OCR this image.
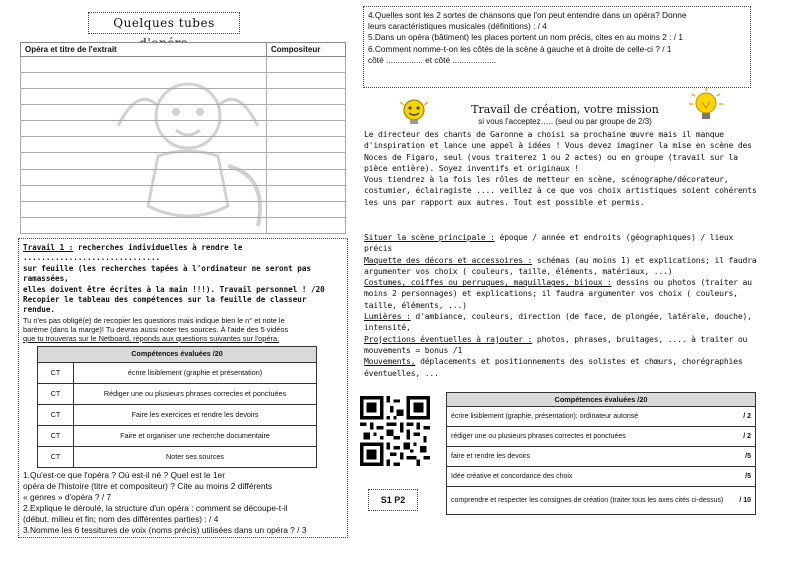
Quelques tubes
Opéra et titre de l'extrait	Compositeur

Travail 1 : recherches individuelles à rendre le ..............................
sur feuille (les recherches tapées à l'ordinateur ne seront pas ramassées,
elles doivent être écrites à la main !!!). Travail personnel ! /20
Recopier le tableau des compétences sur la feuille de classeur rendue.
Tu n'es pas obligé(e) de recopier les questions mais indique bien le n° et note le
barème (dans la marge)! Tu devras aussi noter tes sources. À l'aide des 5 vidéos
que tu trouveras sur le Netboard, réponds aux questions suivantes sur l'opéra.
Compétences évaluées /20	
CT	écrire lisiblement (graphie et présentation)
CT	Rédiger une ou plusieurs phrases correctes et ponctuées
CT	Faire les exercices et rendre les devoirs
CT	Faire et organiser une recherche documentaire
CT	Noter ses sources
1.Qu'est-ce que l'opéra ? Où est-il né ? Quel est le 1er
opéra de l'histoire (titre et compositeur) ? Cite au moins 2 différents
« genres » d'opéra ? / 7
2.Explique le déroulé, la structure d'un opéra : comment se découpe-t-il
(début, milieu et fin; nom des différentes parties) : / 4
3.Nomme les 6 tessitures de voix (noms précis) utilisées dans un opéra ? / 3
4.Quelles sont les 2 sortes de chansons que l'on peut entendre dans un opéra? Donne
leurs caractéristiques musicales (définitions) : / 4
5.Dans un opéra (bâtiment) les places portent un nom précis, cites en au moins 2 : / 1
6.Comment nomme-t-on les côtés de la scène à gauche et à droite de celle-ci ? / 1
côté ................ et côté ...................
Travail de création, votre mission
si vous l'acceptez….. (seul ou par groupe de 2/3)

Le directeur des chants de Garonne a choisi sa prochaine œuvre mais il manque d'inspiration et lance une appel à idées ! Vous devez imaginer la mise en scène des Noces de Figaro, seul (vous traiterez 1 ou 2 actes) ou en groupe (travail sur la pièce entière). Soyez inventifs et originaux !

Vous tiendrez à la fois les rôles de metteur en scène, scénographe/décorateur, costumier, éclairagiste .... veillez à ce que vos choix artistiques soient cohérents les uns par rapport aux autres. Tout est possible et permis.

Situer la scène principale : époque / année et endroits (géographiques) / lieux précis
Maquette des décors et accessoires : schémas (au moins 1) et explications; il faudra argumenter vos choix ( couleurs, taille, éléments, matériaux, ...)
Costumes, coiffes ou perruques, maquillages, bijoux : dessins ou photos (traiter au moins 2 personnages) et explications; il faudra argumenter vos choix ( couleurs, taille, éléments, ...)
Lumières : d'ambiance, couleurs, direction (de face, de plongée, latérale, douche), intensité,
Projections éventuelles à rajouter : photos, phrases, bruitages, .... à traiter ou mouvements = bonus /1
Mouvements, déplacements et positionnements des solistes et chœurs, chorégraphies éventuelles, ...
S1 P2
Compétences évaluées /20
écrire lisiblement (graphie, présentation); ordinateur autorisé	/ 2

rédiger une ou plusieurs phrases correctes et ponctuées	/ 2

faire et rendre les devoirs	/5

Idée créative et concordance des choix	/5

comprendre et respecter les consignes de création (traiter tous les axes cités ci-dessus) / 10
